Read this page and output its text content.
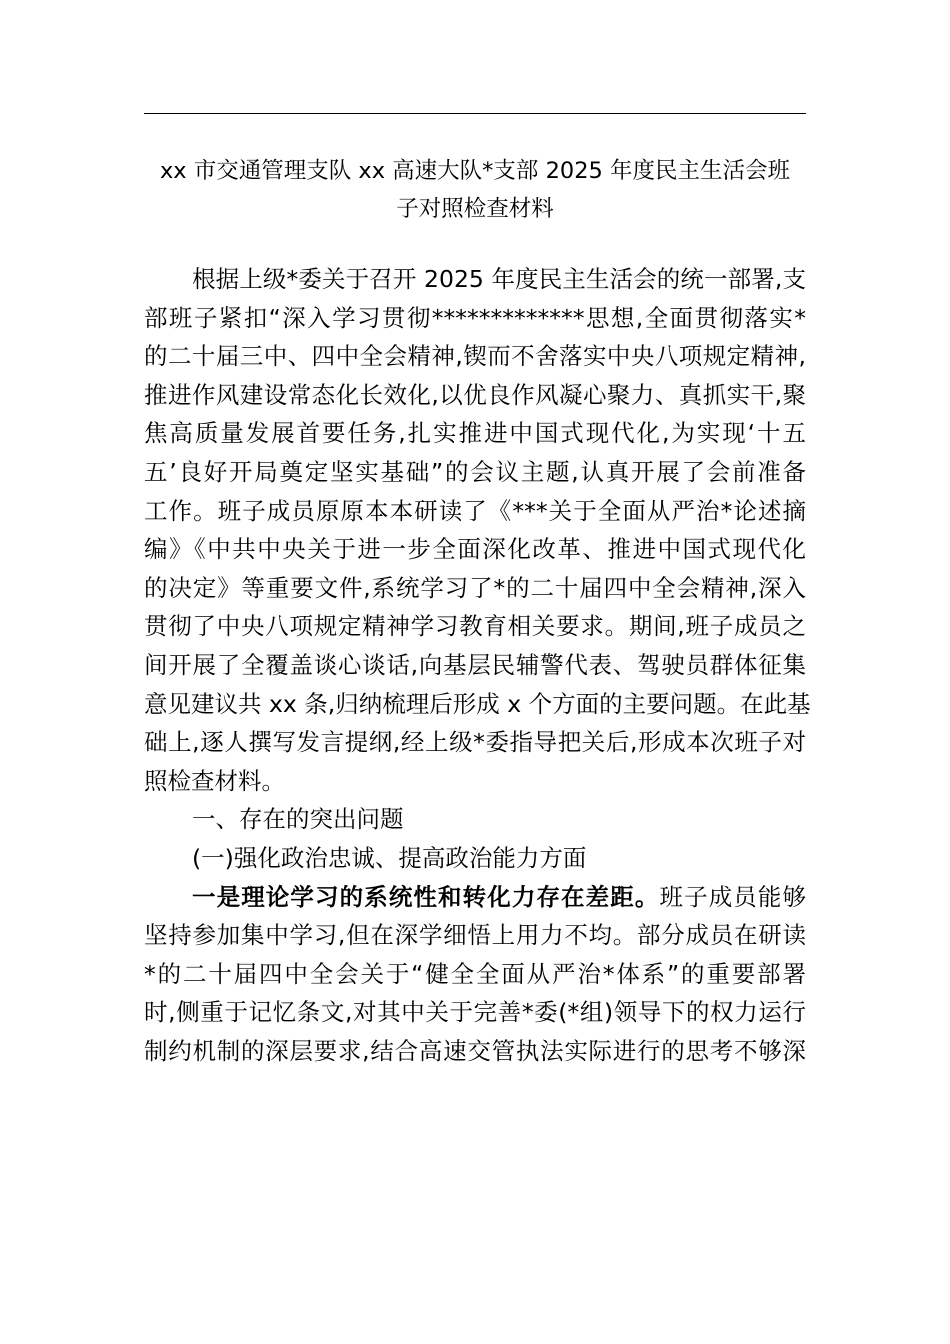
xx 市交通管理支队 xx 高速大队*支部 2025 年度民主生活会班
子对照检查材料
根据上级*委关于召开 2025 年度民主生活会的统一部署,支
部班子紧扣“深入学习贯彻*************思想,全面贯彻落实*
的二十届三中、四中全会精神,锲而不舍落实中央八项规定精神,
推进作风建设常态化长效化,以优良作风凝心聚力、真抓实干,聚
焦高质量发展首要任务,扎实推进中国式现代化,为实现‘十五
五’良好开局奠定坚实基础”的会议主题,认真开展了会前准备
工作。班子成员原原本本研读了《***关于全面从严治*论述摘
编》《中共中央关于进一步全面深化改革、推进中国式现代化
的决定》等重要文件,系统学习了*的二十届四中全会精神,深入
贯彻了中央八项规定精神学习教育相关要求。期间,班子成员之
间开展了全覆盖谈心谈话,向基层民辅警代表、驾驶员群体征集
意见建议共 xx 条,归纳梳理后形成 x 个方面的主要问题。在此基
础上,逐人撰写发言提纲,经上级*委指导把关后,形成本次班子对
照检查材料。
一、存在的突出问题
(一)强化政治忠诚、提高政治能力方面
一是理论学习的系统性和转化力存在差距。班子成员能够
坚持参加集中学习,但在深学细悟上用力不均。部分成员在研读
*的二十届四中全会关于“健全全面从严治*体系”的重要部署
时,侧重于记忆条文,对其中关于完善*委(*组)领导下的权力运行
制约机制的深层要求,结合高速交管执法实际进行的思考不够深
